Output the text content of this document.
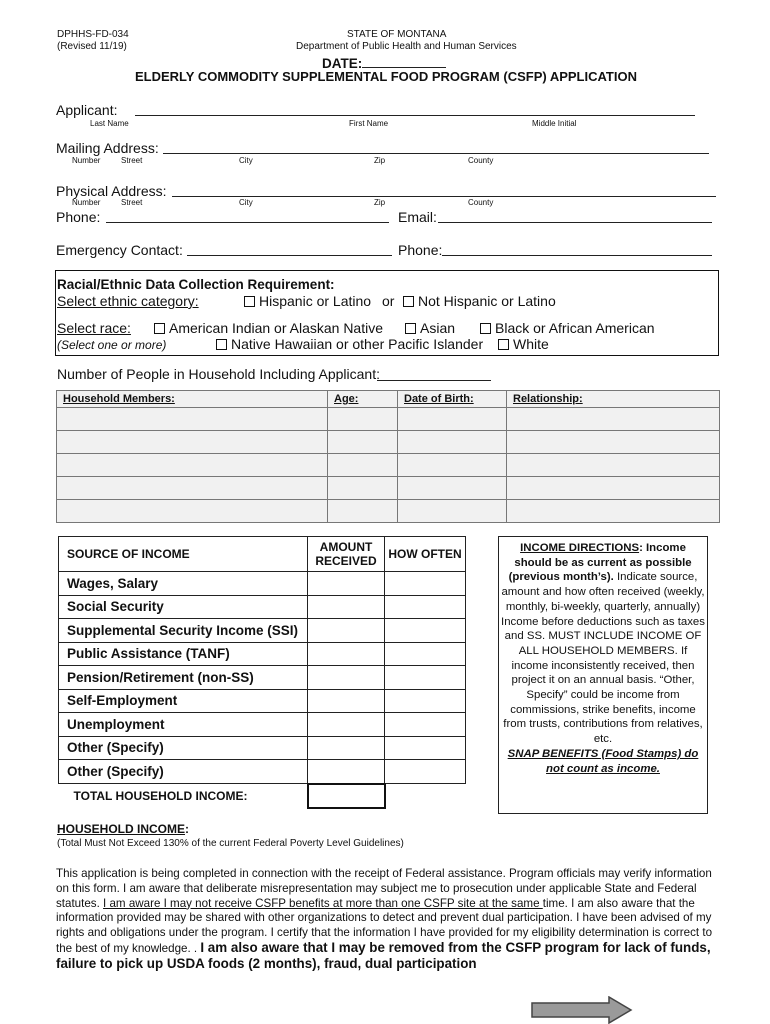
DPHHS-FD-034
(Revised 11/19)
STATE OF MONTANA
Department of Public Health and Human Services
DATE:
ELDERLY COMMODITY SUPPLEMENTAL FOOD PROGRAM (CSFP) APPLICATION
Applicant:
Last Name	First Name	Middle Initial
Mailing Address:
Number	Street	City	Zip	County
Physical Address:
Number	Street	City	Zip	County
Phone:	Email:
Emergency Contact:	Phone:
Racial/Ethnic Data Collection Requirement:
Select ethnic category:	Hispanic or Latino or	Not Hispanic or Latino
Select race:
(Select one or more)
American Indian or Alaskan Native	Asian	Black or African American
Native Hawaiian or other Pacific Islander	White
Number of People in Household Including Applicant:
Household Members:	Age:	Date of Birth:	Relationship:

SOURCE OF INCOME	AMOUNT RECEIVED	HOW OFTEN
Wages, Salary		
Social Security		
Supplemental Security Income (SSI)		
Public Assistance (TANF)		
Pension/Retirement (non-SS)		
Self-Employment		
Unemployment		
Other (Specify)		
Other (Specify)		
TOTAL HOUSEHOLD INCOME:		
INCOME DIRECTIONS: Income should be as current as possible (previous month’s). Indicate source, amount and how often received (weekly, monthly, bi-weekly, quarterly, annually) Income before deductions such as taxes and SS. MUST INCLUDE INCOME OF ALL HOUSEHOLD MEMBERS. If income inconsistently received, then project it on an annual basis. “Other, Specify” could be income from commissions, strike benefits, income from trusts, contributions from relatives, etc.
SNAP BENEFITS (Food Stamps) do not count as income.
HOUSEHOLD INCOME:
(Total Must Not Exceed 130% of the current Federal Poverty Level Guidelines)
This application is being completed in connection with the receipt of Federal assistance. Program officials may verify information on this form. I am aware that deliberate misrepresentation may subject me to prosecution under applicable State and Federal statutes. I am aware I may not receive CSFP benefits at more than one CSFP site at the same time. I am also aware that the information provided may be shared with other organizations to detect and prevent dual participation. I have been advised of my rights and obligations under the program. I certify that the information I have provided for my eligibility determination is correct to the best of my knowledge. . I am also aware that I may be removed from the CSFP program for lack of funds, failure to pick up USDA foods (2 months), fraud, dual participation
